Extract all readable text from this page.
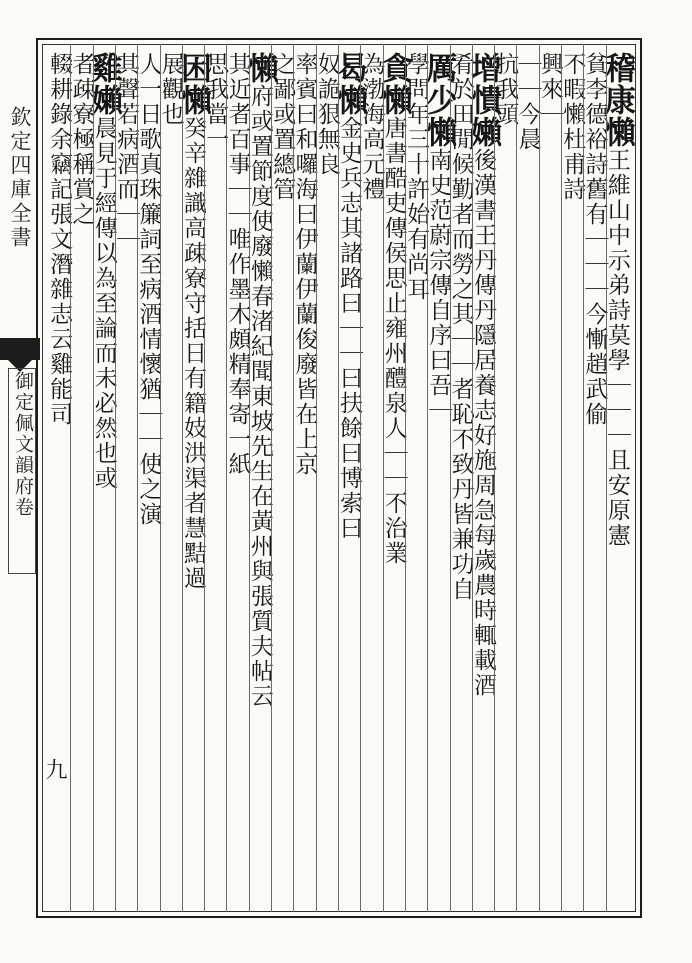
欽定四庫全書
御定佩文韻府卷
九
稽康懶王維山中示弟詩莫學｜｜｜且安原憲
貧李德裕詩舊有｜｜｜今慚趙武偷
不暇懶杜甫詩
興來｜
｜｜今晨
抗我頭
增憒嬾後漢書王丹傳丹隱居養志好施周急每歲農時輒載酒
肴於田閒候勤者而勞之其｜｜者恥不致丹皆兼功自
厲少懶南史范蔚宗傳自序曰吾｜
學問年三十許始有尚耳
貪懶唐書酷吏傳侯思止雍州醴泉人｜｜不治業
為渤海高元禮
曷懶金史兵志其諸路曰｜｜曰扶餘曰博索曰
奴詭狠無良
率賓曰和囉海曰伊蘭伊蘭俊廢皆在上京
之鄙或置總管
懶府或置節度使廢懶春渚紀聞東坡先生在黃州與張質夫帖云
其近者百事｜｜唯作墨木頗精奉寄一紙
思我當一
困懶癸辛雜識高疎寮守括日有籍妓洪渠者慧黠過
展觀也
人一日歌真珠簾詞至病酒情懷猶｜｜使之演
其聲若病酒而｜｜
雞嬾晨見于經傳以為至論而未必然也或
者疎寮極稱賞之
輟耕錄余竊記張文潛雜志云雞能司
